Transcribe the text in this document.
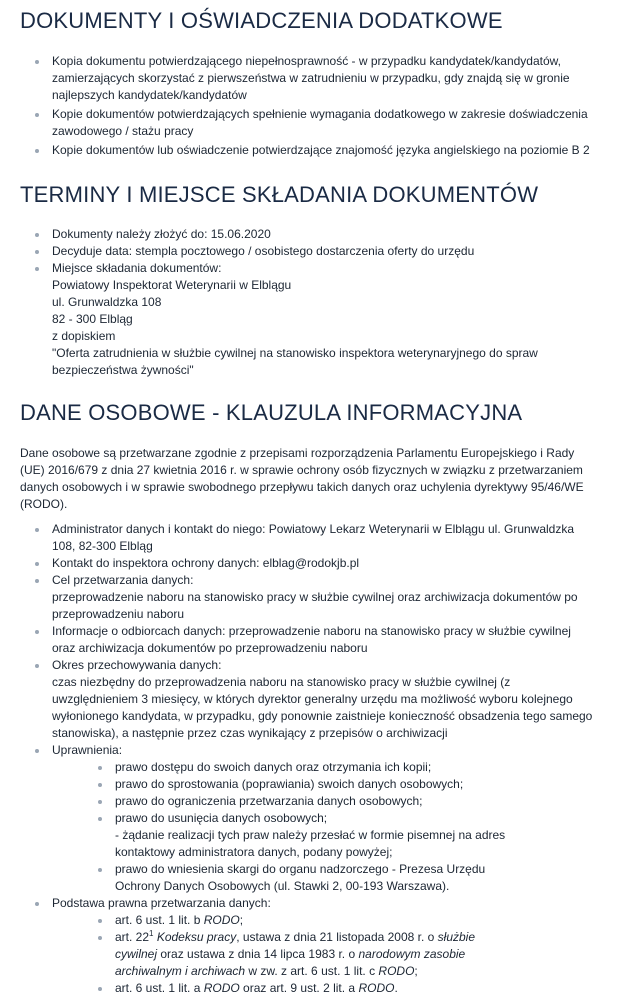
DOKUMENTY I OŚWIADCZENIA DODATKOWE
Kopia dokumentu potwierdzającego niepełnosprawność - w przypadku kandydatek/kandydatów,
zamierzających skorzystać z pierwszeństwa w zatrudnieniu w przypadku, gdy znajdą się w gronie
najlepszych kandydatek/kandydatów
Kopie dokumentów potwierdzających spełnienie wymagania dodatkowego w zakresie doświadczenia
zawodowego / stażu pracy
Kopie dokumentów lub oświadczenie potwierdzające znajomość języka angielskiego na poziomie B 2
TERMINY I MIEJSCE SKŁADANIA DOKUMENTÓW
Dokumenty należy złożyć do: 15.06.2020
Decyduje data: stempla pocztowego / osobistego dostarczenia oferty do urzędu
Miejsce składania dokumentów:
Powiatowy Inspektorat Weterynarii w Elblągu
ul. Grunwaldzka 108
82 - 300 Elbląg
z dopiskiem
"Oferta zatrudnienia w służbie cywilnej na stanowisko inspektora weterynaryjnego do spraw
bezpieczeństwa żywności"
DANE OSOBOWE - KLAUZULA INFORMACYJNA

Dane osobowe są przetwarzane zgodnie z przepisami rozporządzenia Parlamentu Europejskiego i Rady
(UE) 2016/679 z dnia 27 kwietnia 2016 r. w sprawie ochrony osób fizycznych w związku z przetwarzaniem
danych osobowych i w sprawie swobodnego przepływu takich danych oraz uchylenia dyrektywy 95/46/WE
(RODO).

Administrator danych i kontakt do niego: Powiatowy Lekarz Weterynarii w Elblągu ul. Grunwaldzka
108, 82-300 Elbląg
Kontakt do inspektora ochrony danych: elblag@rodokjb.pl
Cel przetwarzania danych:
przeprowadzenie naboru na stanowisko pracy w służbie cywilnej oraz archiwizacja dokumentów po
przeprowadzeniu naboru
Informacje o odbiorcach danych: przeprowadzenie naboru na stanowisko pracy w służbie cywilnej
oraz archiwizacja dokumentów po przeprowadzeniu naboru
Okres przechowywania danych:
czas niezbędny do przeprowadzenia naboru na stanowisko pracy w służbie cywilnej (z
uwzględnieniem 3 miesięcy, w których dyrektor generalny urzędu ma możliwość wyboru kolejnego
wyłonionego kandydata, w przypadku, gdy ponownie zaistnieje konieczność obsadzenia tego samego
stanowiska), a następnie przez czas wynikający z przepisów o archiwizacji
Uprawnienia:
prawo dostępu do swoich danych oraz otrzymania ich kopii;
prawo do sprostowania (poprawiania) swoich danych osobowych;
prawo do ograniczenia przetwarzania danych osobowych;
prawo do usunięcia danych osobowych;
- żądanie realizacji tych praw należy przesłać w formie pisemnej na adres
kontaktowy administratora danych, podany powyżej;
prawo do wniesienia skargi do organu nadzorczego - Prezesa Urzędu
Ochrony Danych Osobowych (ul. Stawki 2, 00-193 Warszawa).
Podstawa prawna przetwarzania danych:
art. 6 ust. 1 lit. b RODO;
art. $22^1$ Kodeksu pracy, ustawa z dnia 21 listopada 2008 r. o służbie
cywilnej oraz ustawa z dnia 14 lipca 1983 r. o narodowym zasobie
archiwalnym i archiwach w zw. z art. 6 ust. 1 lit. c RODO;
art. 6 ust. 1 lit. a RODO oraz art. 9 ust. 2 lit. a RODO.
